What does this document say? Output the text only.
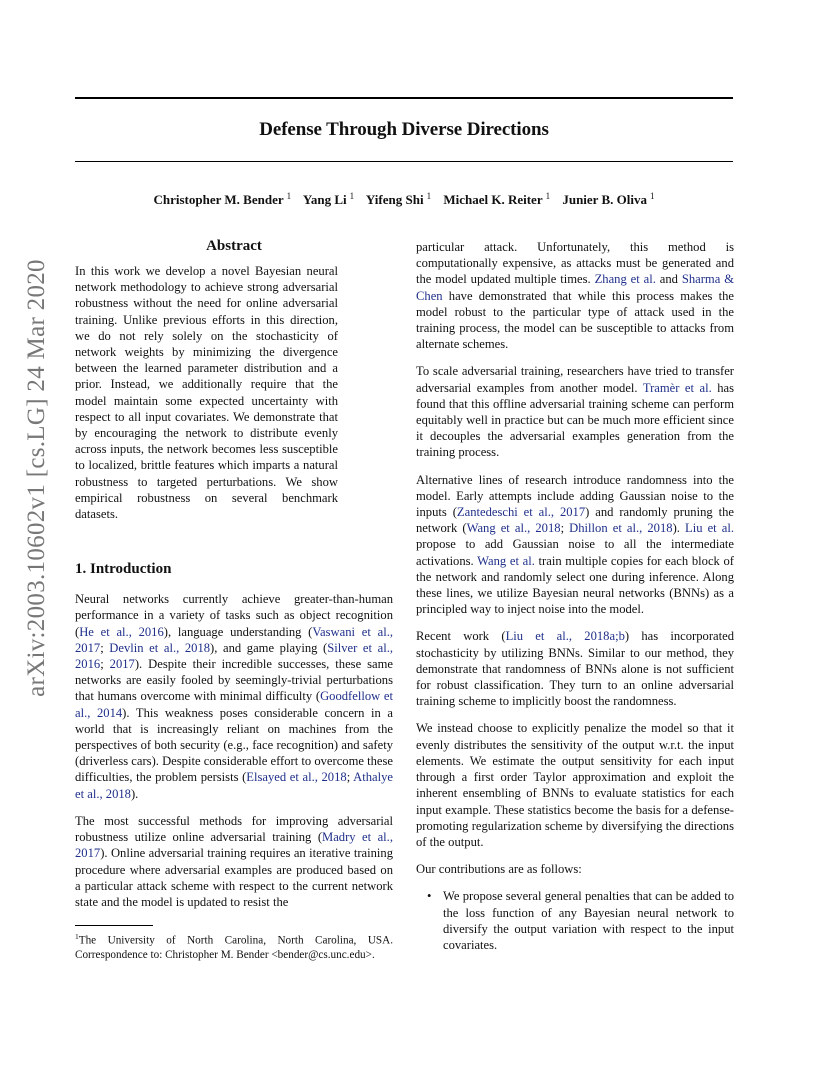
Defense Through Diverse Directions
Christopher M. Bender $^1$ Yang Li $^1$ Yifeng Shi $^1$ Michael K. Reiter $^1$ Junier B. Oliva $^1$
arXiv:2003.10602v1 [cs.LG] 24 Mar 2020
Abstract

In this work we develop a novel Bayesian neural network methodology to achieve strong adversarial robustness without the need for online adversarial training. Unlike previous efforts in this direction, we do not rely solely on the stochasticity of network weights by minimizing the divergence between the learned parameter distribution and a prior. Instead, we additionally require that the model maintain some expected uncertainty with respect to all input covariates. We demonstrate that by encouraging the network to distribute evenly across inputs, the network becomes less susceptible to localized, brittle features which imparts a natural robustness to targeted perturbations. We show empirical robustness on several benchmark datasets.

1. Introduction

Neural networks currently achieve greater-than-human performance in a variety of tasks such as object recognition (He et al., 2016), language understanding (Vaswani et al., 2017; Devlin et al., 2018), and game playing (Silver et al., 2016; 2017). Despite their incredible successes, these same networks are easily fooled by seemingly-trivial perturbations that humans overcome with minimal difficulty (Goodfellow et al., 2014). This weakness poses considerable concern in a world that is increasingly reliant on machines from the perspectives of both security (e.g., face recognition) and safety (driverless cars). Despite considerable effort to overcome these difficulties, the problem persists (Elsayed et al., 2018; Athalye et al., 2018).

The most successful methods for improving adversarial robustness utilize online adversarial training (Madry et al., 2017). Online adversarial training requires an iterative training procedure where adversarial examples are produced based on a particular attack scheme with respect to the current network state and the model is updated to resist the

$^1$The University of North Carolina, North Carolina, USA. Correspondence to: Christopher M. Bender <bender@cs.unc.edu>.

particular attack. Unfortunately, this method is computationally expensive, as attacks must be generated and the model updated multiple times. Zhang et al. and Sharma & Chen have demonstrated that while this process makes the model robust to the particular type of attack used in the training process, the model can be susceptible to attacks from alternate schemes.

To scale adversarial training, researchers have tried to transfer adversarial examples from another model. Tramèr et al. has found that this offline adversarial training scheme can perform equitably well in practice but can be much more efficient since it decouples the adversarial examples generation from the training process.

Alternative lines of research introduce randomness into the model. Early attempts include adding Gaussian noise to the inputs (Zantedeschi et al., 2017) and randomly pruning the network (Wang et al., 2018; Dhillon et al., 2018). Liu et al. propose to add Gaussian noise to all the intermediate activations. Wang et al. train multiple copies for each block of the network and randomly select one during inference. Along these lines, we utilize Bayesian neural networks (BNNs) as a principled way to inject noise into the model.

Recent work (Liu et al., 2018a;b) has incorporated stochasticity by utilizing BNNs. Similar to our method, they demonstrate that randomness of BNNs alone is not sufficient for robust classification. They turn to an online adversarial training scheme to implicitly boost the randomness.

We instead choose to explicitly penalize the model so that it evenly distributes the sensitivity of the output w.r.t. the input elements. We estimate the output sensitivity for each input through a first order Taylor approximation and exploit the inherent ensembling of BNNs to evaluate statistics for each input example. These statistics become the basis for a defense-promoting regularization scheme by diversifying the directions of the output.

Our contributions are as follows:

• We propose several general penalties that can be added to the loss function of any Bayesian neural network to diversify the output variation with respect to the input covariates.
